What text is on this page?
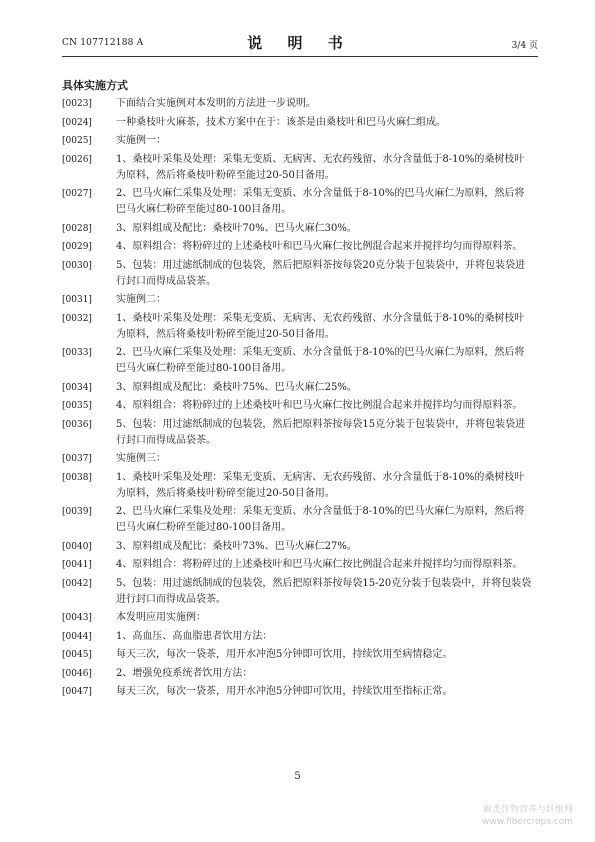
CN 107712188 A	说 明 书	3/4 页
具体实施方式
[0023] 下面结合实施例对本发明的方法进一步说明。
[0024] 一种桑枝叶火麻茶，技术方案中在于：该茶是由桑枝叶和巴马火麻仁组成。
[0025] 实施例一：
[0026] 1、桑枝叶采集及处理：采集无变质、无病害、无农药残留、水分含量低于8-10%的桑树枝叶为原料，然后将桑枝叶粉碎至能过20-50目备用。
[0027] 2、巴马火麻仁采集及处理：采集无变质、水分含量低于8-10%的巴马火麻仁为原料，然后将巴马火麻仁粉碎至能过80-100目备用。
[0028] 3、原料组成及配比：桑枝叶70%、巴马火麻仁30%。
[0029] 4、原料组合：将粉碎过的上述桑枝叶和巴马火麻仁按比例混合起来并搅拌均匀而得原料茶。
[0030] 5、包装：用过滤纸制成的包装袋，然后把原料茶按每袋20克分装于包装袋中，并将包装袋进行封口而得成品袋茶。
[0031] 实施例二：
[0032] 1、桑枝叶采集及处理：采集无变质、无病害、无农药残留、水分含量低于8-10%的桑树枝叶为原料，然后将桑枝叶粉碎至能过20-50目备用。
[0033] 2、巴马火麻仁采集及处理：采集无变质、水分含量低于8-10%的巴马火麻仁为原料，然后将巴马火麻仁粉碎至能过80-100目备用。
[0034] 3、原料组成及配比：桑枝叶75%、巴马火麻仁25%。
[0035] 4、原料组合：将粉碎过的上述桑枝叶和巴马火麻仁按比例混合起来并搅拌均匀而得原料茶。
[0036] 5、包装：用过滤纸制成的包装袋，然后把原料茶按每袋15克分装于包装袋中，并将包装袋进行封口而得成品袋茶。
[0037] 实施例三：
[0038] 1、桑枝叶采集及处理：采集无变质、无病害、无农药残留、水分含量低于8-10%的桑树枝叶为原料，然后将桑枝叶粉碎至能过20-50目备用。
[0039] 2、巴马火麻仁采集及处理：采集无变质、水分含量低于8-10%的巴马火麻仁为原料，然后将巴马火麻仁粉碎至能过80-100目备用。
[0040] 3、原料组成及配比：桑枝叶73%、巴马火麻仁27%。
[0041] 4、原料组合：将粉碎过的上述桑枝叶和巴马火麻仁按比例混合起来并搅拌均匀而得原料茶。
[0042] 5、包装：用过滤纸制成的包装袋，然后把原料茶按每袋15-20克分装于包装袋中，并将包装袋进行封口而得成品袋茶。
[0043] 本发明应用实施例：
[0044] 1、高血压、高血脂患者饮用方法：
[0045] 每天三次，每次一袋茶，用开水冲泡5分钟即可饮用，持续饮用至病情稳定。
[0046] 2、增强免疫系统者饮用方法：
[0047] 每天三次，每次一袋茶，用开水冲泡5分钟即可饮用，持续饮用至指标正常。
5
麻类作物营养与纤维网
www.fibercrops.com
